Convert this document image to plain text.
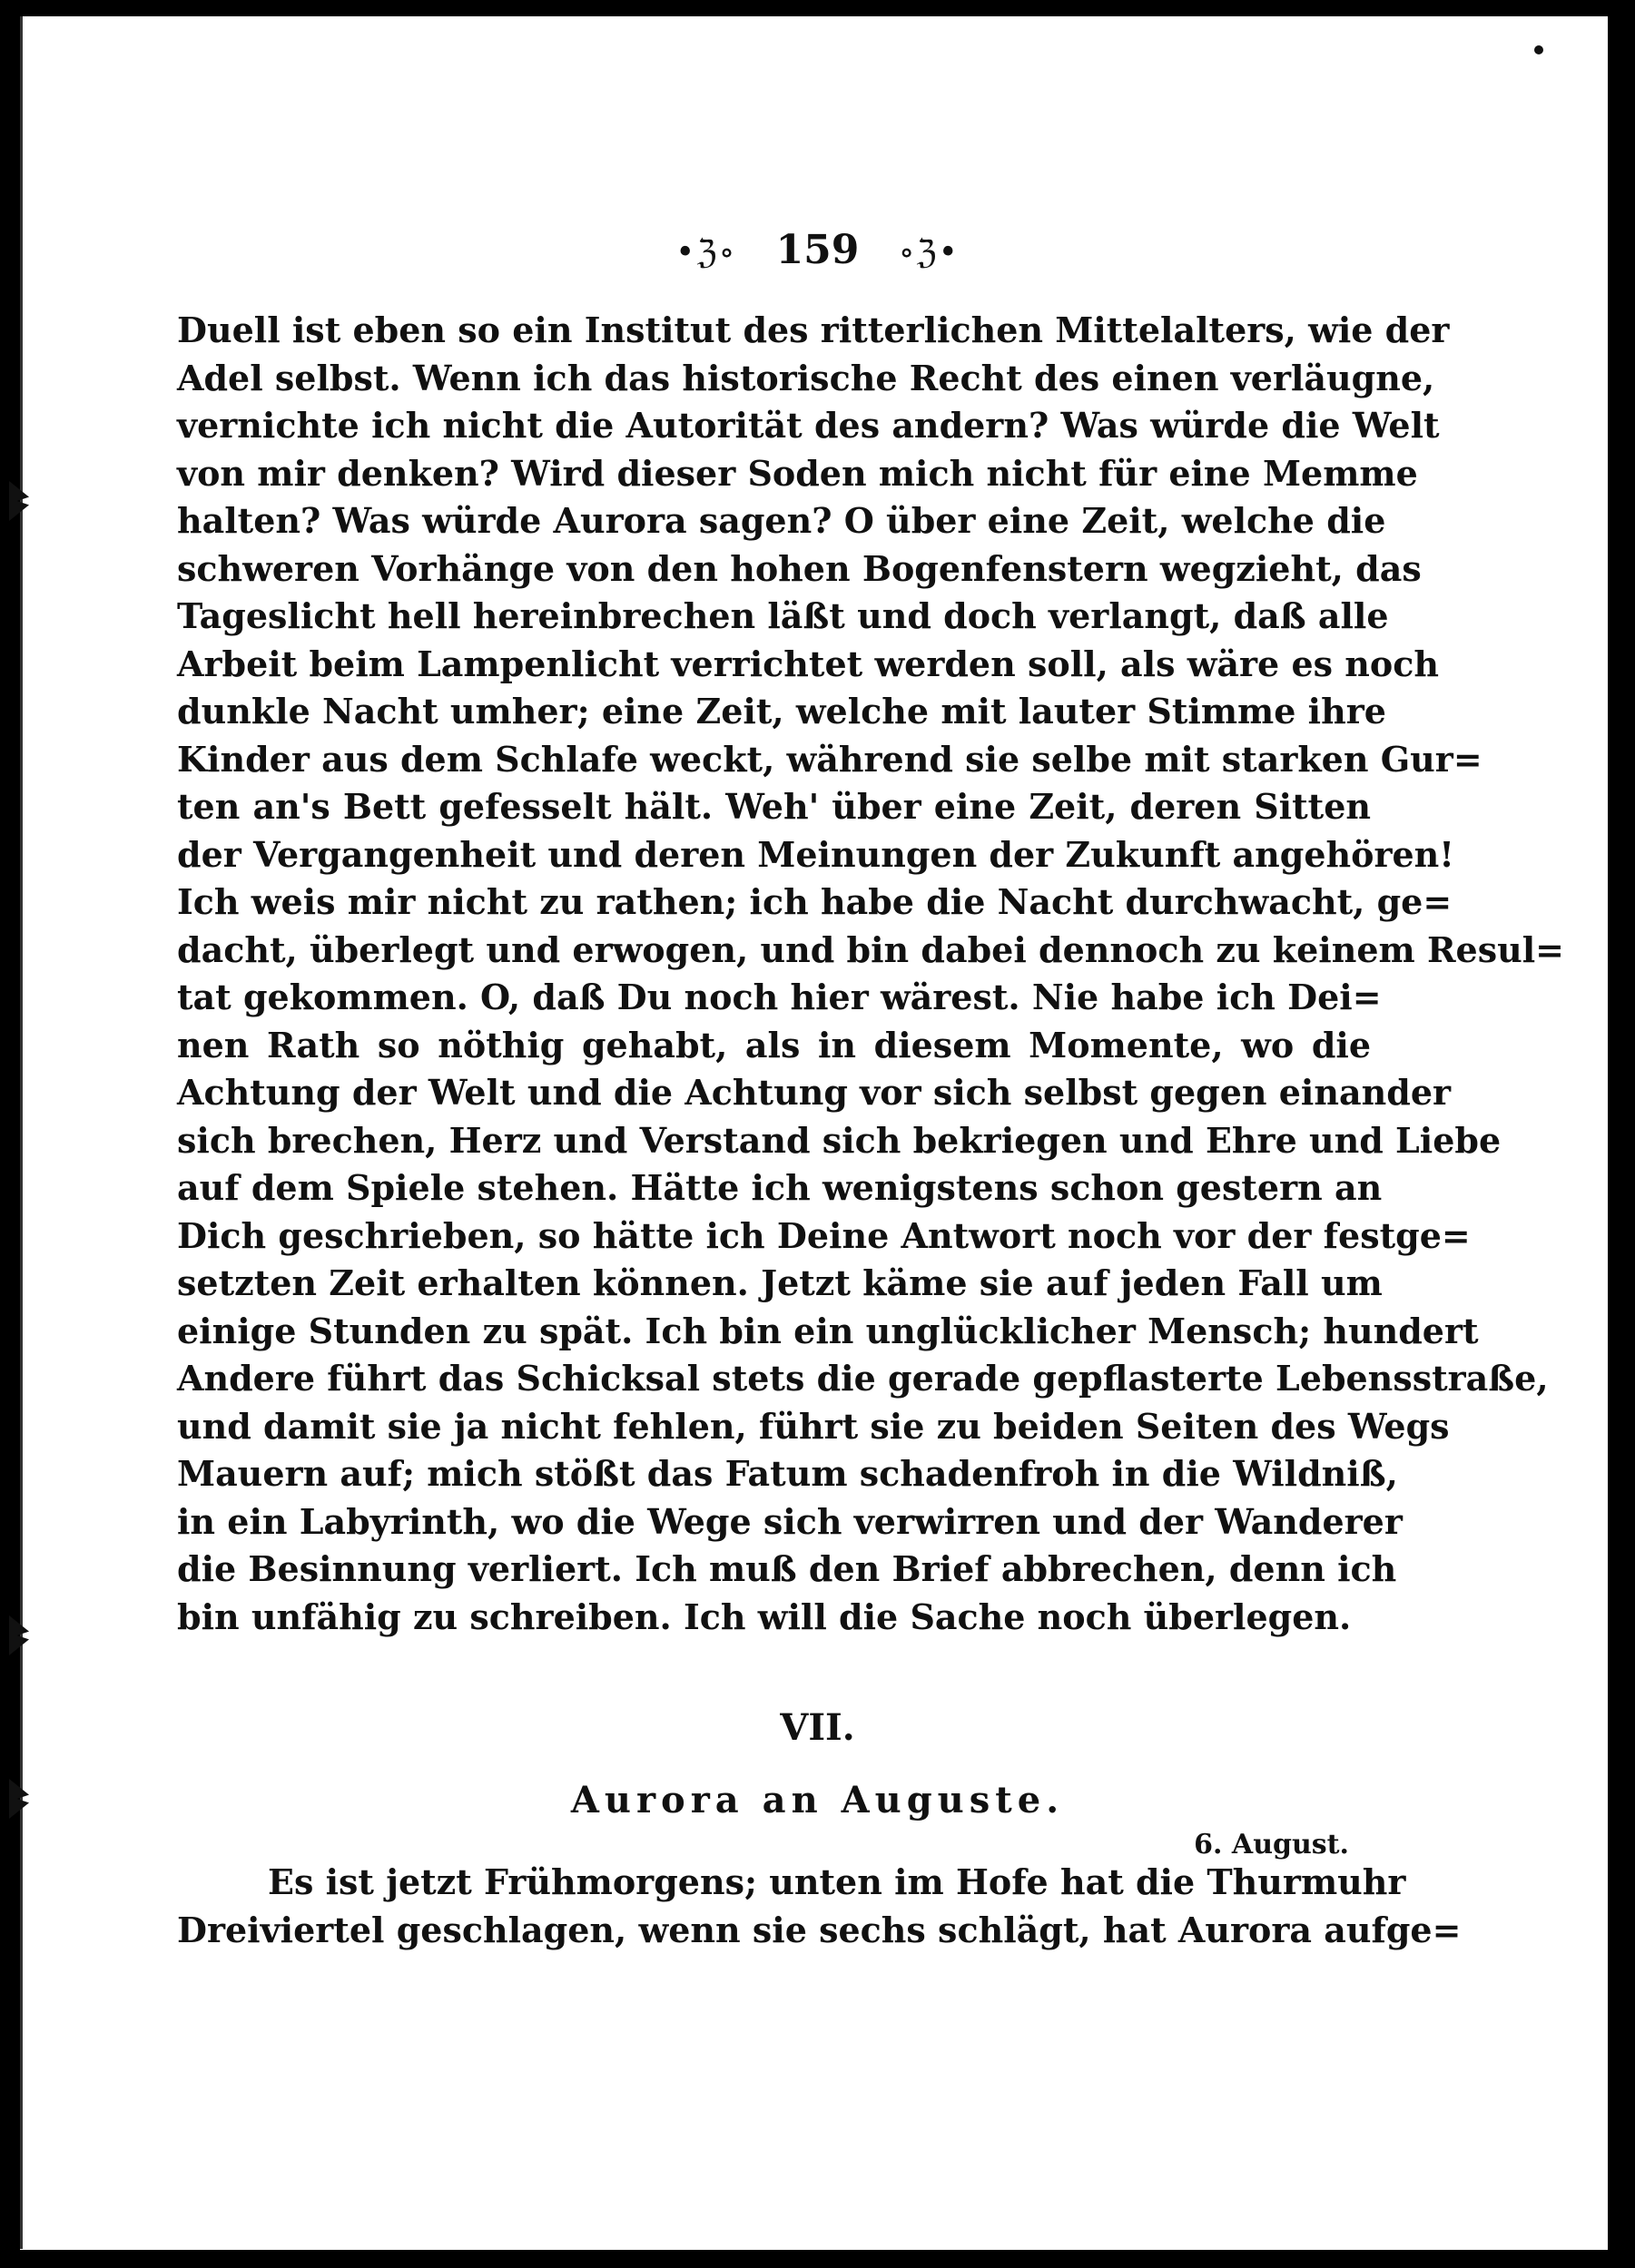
•ℨ∘ 159 ∘ℨ•
Duell ist eben so ein Institut des ritterlichen Mittelalters, wie der
Adel selbst. Wenn ich das historische Recht des einen verläugne,
vernichte ich nicht die Autorität des andern? Was würde die Welt
von mir denken? Wird dieser Soden mich nicht für eine Memme
halten? Was würde Aurora sagen? O über eine Zeit, welche die
schweren Vorhänge von den hohen Bogenfenstern wegzieht, das
Tageslicht hell hereinbrechen läßt und doch verlangt, daß alle
Arbeit beim Lampenlicht verrichtet werden soll, als wäre es noch
dunkle Nacht umher; eine Zeit, welche mit lauter Stimme ihre
Kinder aus dem Schlafe weckt, während sie selbe mit starken Gur=
ten an's Bett gefesselt hält. Weh' über eine Zeit, deren Sitten
der Vergangenheit und deren Meinungen der Zukunft angehören!
Ich weis mir nicht zu rathen; ich habe die Nacht durchwacht, ge=
dacht, überlegt und erwogen, und bin dabei dennoch zu keinem Resul=
tat gekommen. O, daß Du noch hier wärest. Nie habe ich Dei=
nen Rath so nöthig gehabt, als in diesem Momente, wo die
Achtung der Welt und die Achtung vor sich selbst gegen einander
sich brechen, Herz und Verstand sich bekriegen und Ehre und Liebe
auf dem Spiele stehen. Hätte ich wenigstens schon gestern an
Dich geschrieben, so hätte ich Deine Antwort noch vor der festge=
setzten Zeit erhalten können. Jetzt käme sie auf jeden Fall um
einige Stunden zu spät. Ich bin ein unglücklicher Mensch; hundert
Andere führt das Schicksal stets die gerade gepflasterte Lebensstraße,
und damit sie ja nicht fehlen, führt sie zu beiden Seiten des Wegs
Mauern auf; mich stößt das Fatum schadenfroh in die Wildniß,
in ein Labyrinth, wo die Wege sich verwirren und der Wanderer
die Besinnung verliert. Ich muß den Brief abbrechen, denn ich
bin unfähig zu schreiben. Ich will die Sache noch überlegen.
VII.
Aurora an Auguste.
6. August.
Es ist jetzt Frühmorgens; unten im Hofe hat die Thurmuhr
Dreiviertel geschlagen, wenn sie sechs schlägt, hat Aurora aufge=
